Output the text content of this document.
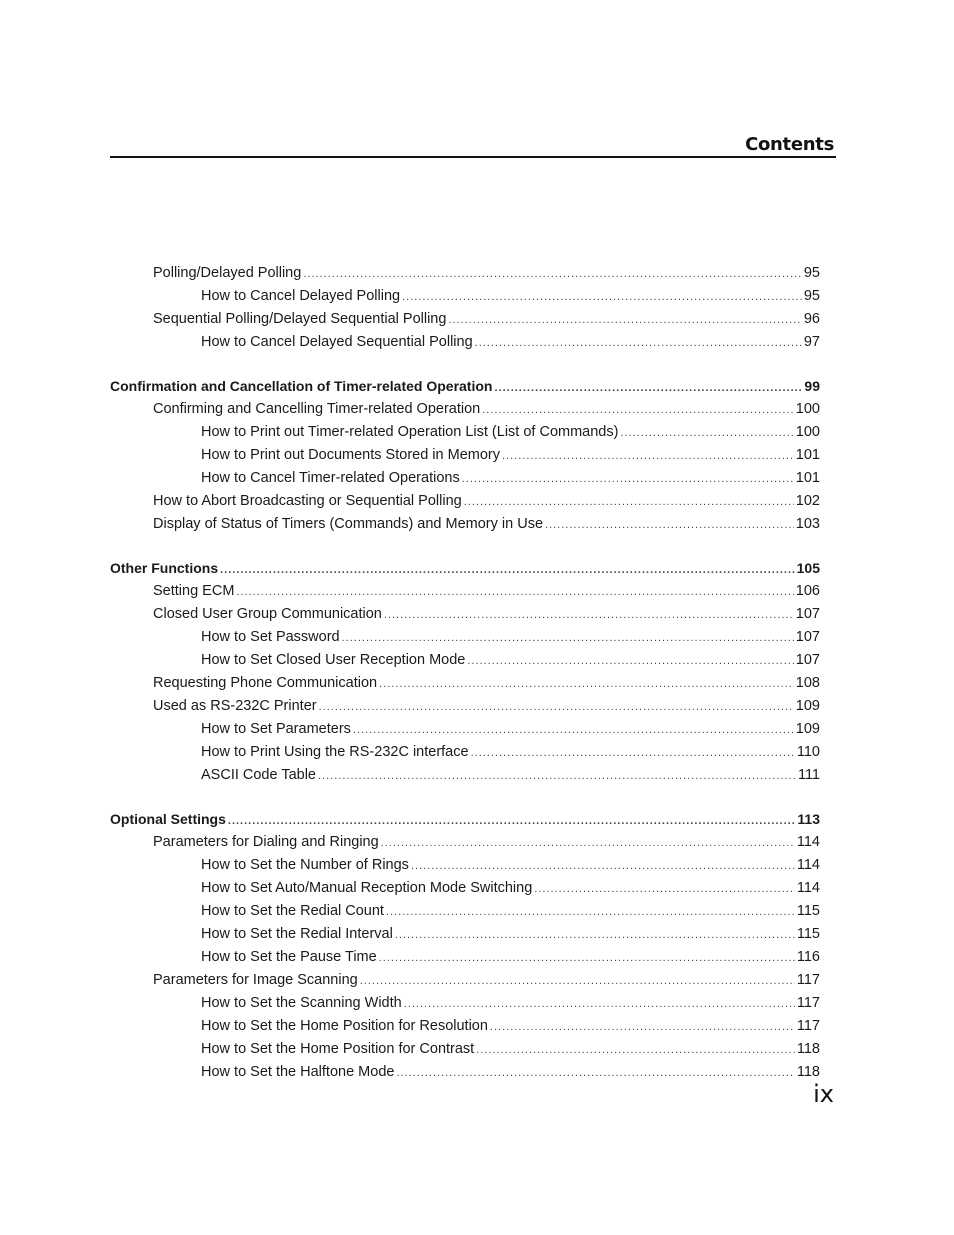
Contents
Polling/Delayed Polling .....	95
How to Cancel Delayed Polling .....	95
Sequential Polling/Delayed Sequential Polling .....	96
How to Cancel Delayed Sequential Polling .....	97
Confirmation and Cancellation of Timer-related Operation .....	99
Confirming and Cancelling Timer-related Operation .....	100
How to Print out Timer-related Operation List (List of Commands) .....	100
How to Print out Documents Stored in Memory .....	101
How to Cancel Timer-related Operations .....	101
How to Abort Broadcasting or Sequential Polling .....	102
Display of Status of Timers (Commands) and Memory in Use .....	103
Other Functions .....	105
Setting ECM .....	106
Closed User Group Communication .....	107
How to Set Password .....	107
How to Set Closed User Reception Mode .....	107
Requesting Phone Communication .....	108
Used as RS-232C Printer .....	109
How to Set Parameters .....	109
How to Print Using the RS-232C interface .....	110
ASCII Code Table .....	111
Optional Settings .....	113
Parameters for Dialing and Ringing .....	114
How to Set the Number of Rings .....	114
How to Set Auto/Manual Reception Mode Switching .....	114
How to Set the Redial Count .....	115
How to Set the Redial Interval .....	115
How to Set the Pause Time .....	116
Parameters for Image Scanning .....	117
How to Set the Scanning Width .....	117
How to Set the Home Position for Resolution .....	117
How to Set the Home Position for Contrast .....	118
How to Set the Halftone Mode .....	118
ix
